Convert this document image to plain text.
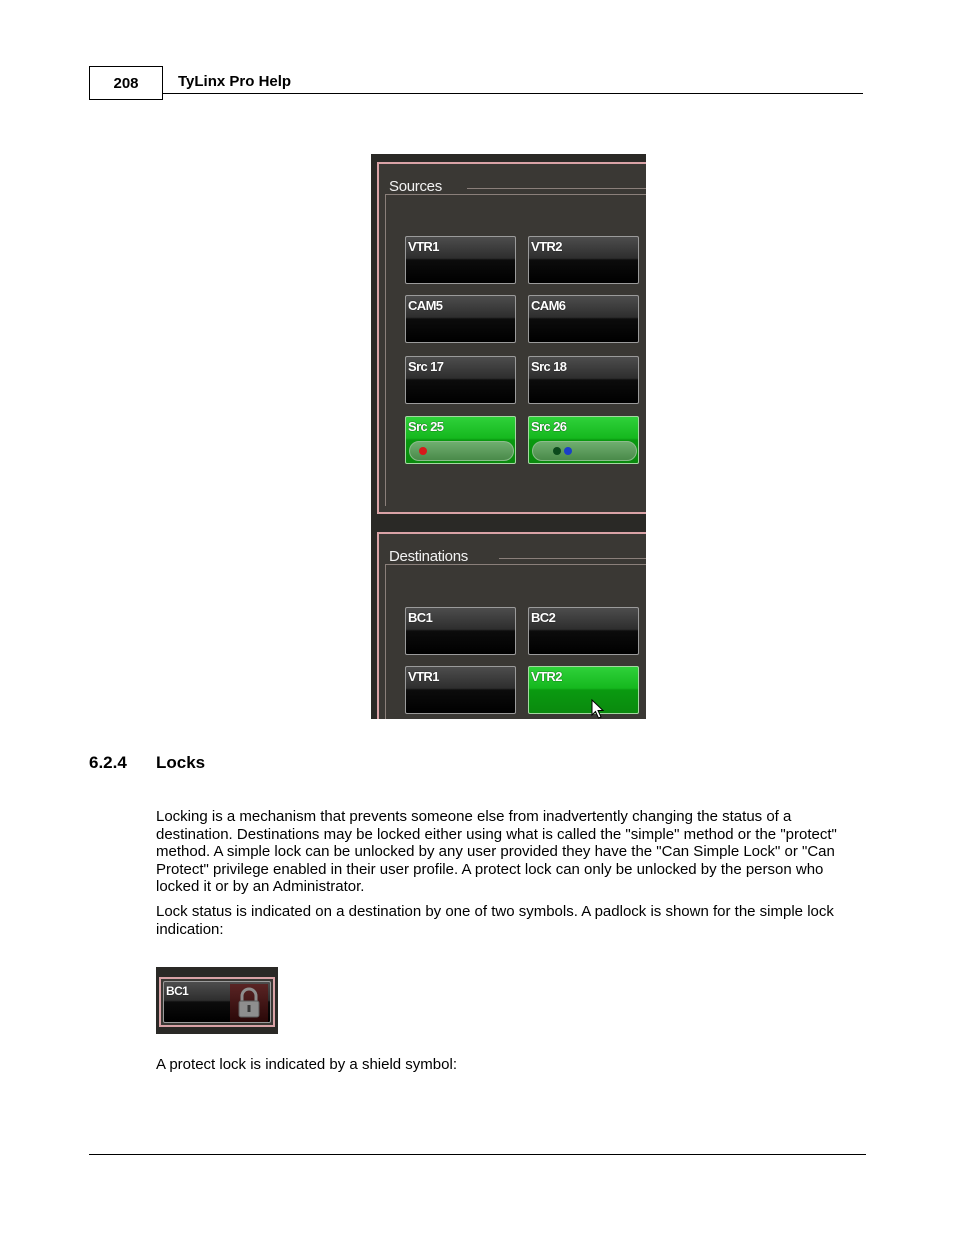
208	TyLinx Pro Help
Sources
VTR1	VTR2
CAM5	CAM6
Src 17	Src 18
Src 25	Src 26
Destinations
BC1	BC2
VTR1	VTR2
6.2.4 Locks

Locking is a mechanism that prevents someone else from inadvertently changing the status of a destination. Destinations may be locked either using what is called the "simple" method or the "protect" method. A simple lock can be unlocked by any user provided they have the "Can Simple Lock" or "Can Protect" privilege enabled in their user profile. A protect lock can only be unlocked by the person who locked it or by an Administrator.

Lock status is indicated on a destination by one of two symbols. A padlock is shown for the simple lock indication:

BC1

A protect lock is indicated by a shield symbol:
